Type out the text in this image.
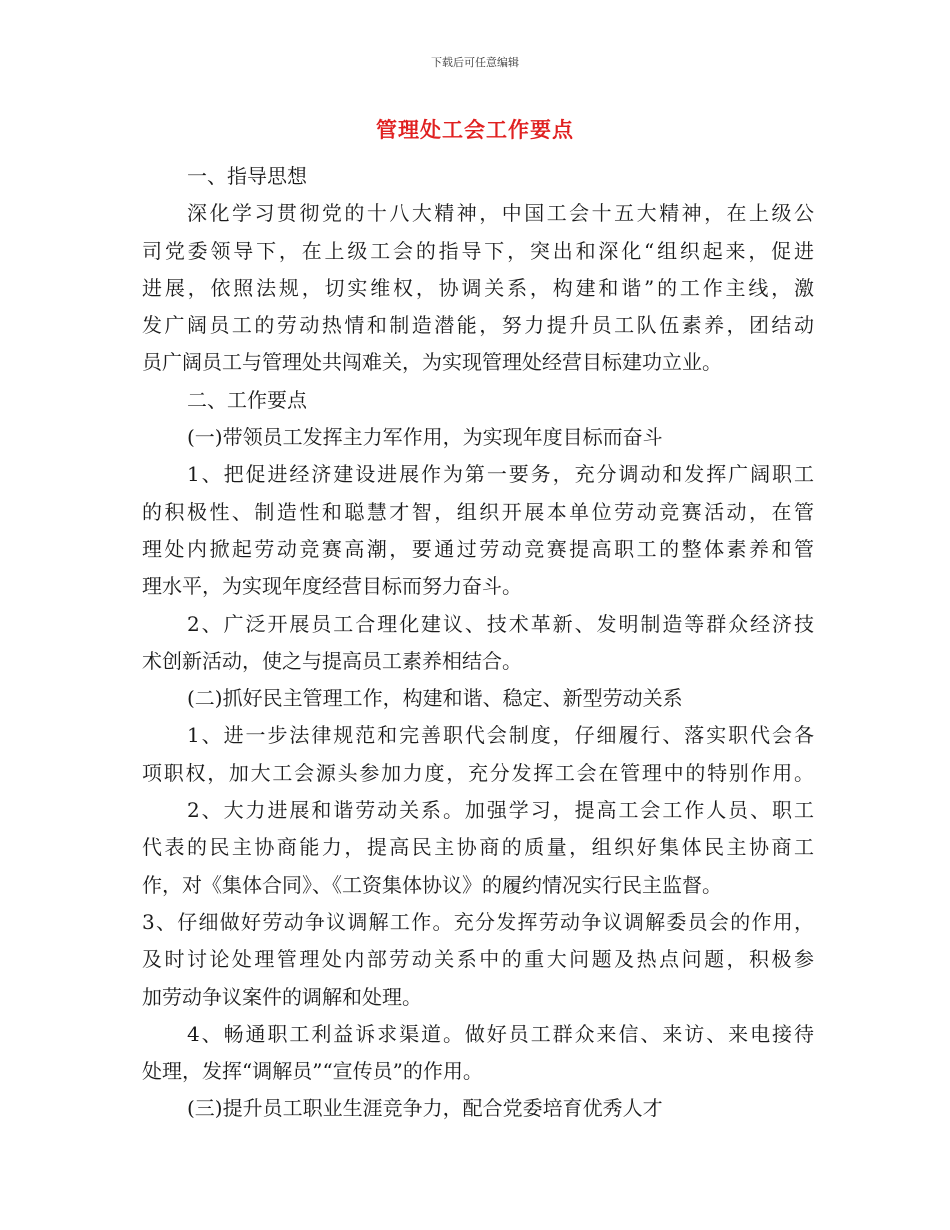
下载后可任意编辑
管理处工会工作要点
一、指导思想
深化学习贯彻党的十八大精神，中国工会十五大精神，在上级公
司党委领导下，在上级工会的指导下，突出和深化“组织起来，促进
进展，依照法规，切实维权，协调关系，构建和谐”的工作主线，激
发广阔员工的劳动热情和制造潜能，努力提升员工队伍素养，团结动
员广阔员工与管理处共闯难关，为实现管理处经营目标建功立业。
二、工作要点
(一)带领员工发挥主力军作用，为实现年度目标而奋斗
1、把促进经济建设进展作为第一要务，充分调动和发挥广阔职工
的积极性、制造性和聪慧才智，组织开展本单位劳动竞赛活动，在管
理处内掀起劳动竞赛高潮，要通过劳动竞赛提高职工的整体素养和管
理水平，为实现年度经营目标而努力奋斗。
2、广泛开展员工合理化建议、技术革新、发明制造等群众经济技
术创新活动，使之与提高员工素养相结合。
(二)抓好民主管理工作，构建和谐、稳定、新型劳动关系
1、进一步法律规范和完善职代会制度，仔细履行、落实职代会各
项职权，加大工会源头参加力度，充分发挥工会在管理中的特别作用。
2、大力进展和谐劳动关系。加强学习，提高工会工作人员、职工
代表的民主协商能力，提高民主协商的质量，组织好集体民主协商工
作，对《集体合同》、《工资集体协议》的履约情况实行民主监督。
3、仔细做好劳动争议调解工作。充分发挥劳动争议调解委员会的作用，
及时讨论处理管理处内部劳动关系中的重大问题及热点问题，积极参
加劳动争议案件的调解和处理。
4、畅通职工利益诉求渠道。做好员工群众来信、来访、来电接待
处理，发挥“调解员”“宣传员”的作用。
(三)提升员工职业生涯竞争力，配合党委培育优秀人才
